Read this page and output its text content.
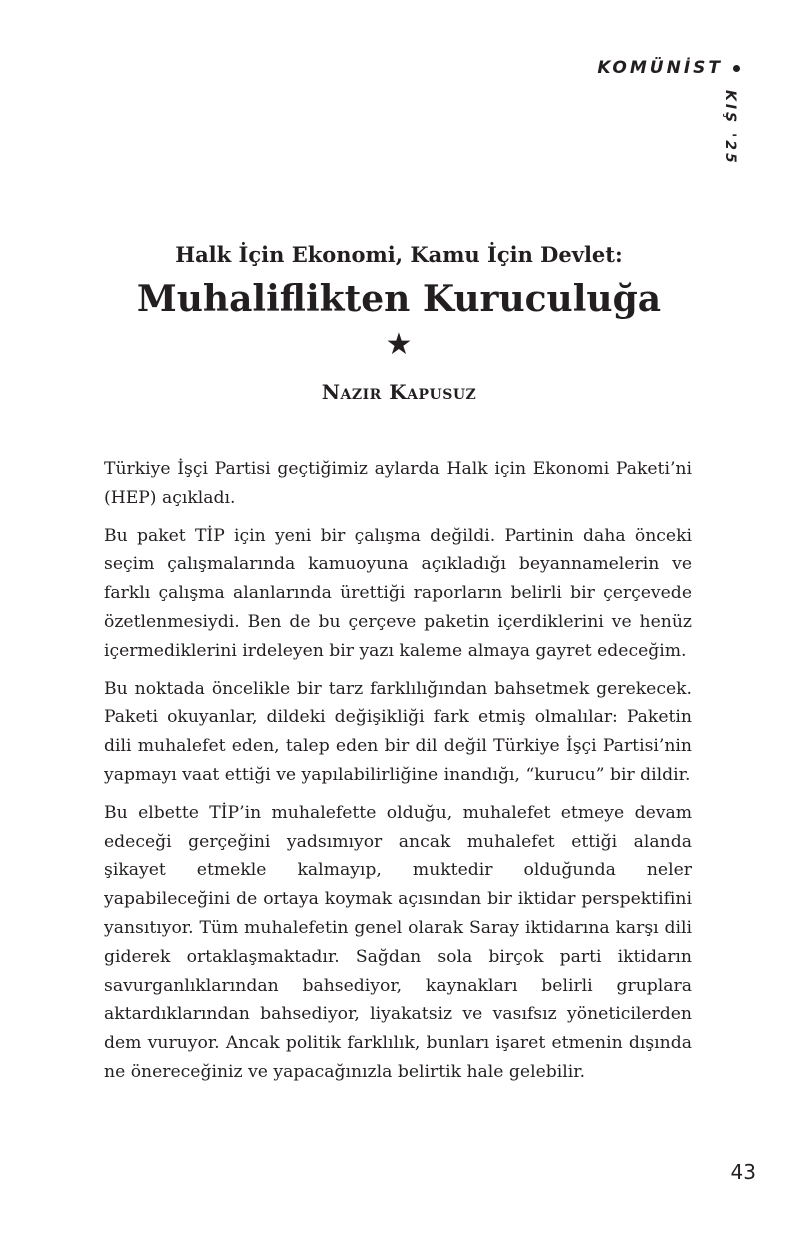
KOMÜNİST
KIŞ '25

Halk İçin Ekonomi, Kamu İçin Devlet:

Muhaliflikten Kuruculuğa
★
Nazır Kapusuz

Türkiye İşçi Partisi geçtiğimiz aylarda Halk için Ekonomi Paketi’ni (HEP) açıkladı.

Bu paket TİP için yeni bir çalışma değildi. Partinin daha önceki seçim çalışmalarında kamuoyuna açıkladığı beyannamelerin ve farklı çalışma alanlarında ürettiği raporların belirli bir çerçevede özetlenmesiydi. Ben de bu çerçeve paketin içerdiklerini ve henüz içermediklerini irdeleyen bir yazı kaleme almaya gayret edeceğim.

Bu noktada öncelikle bir tarz farklılığından bahsetmek gerekecek. Paketi okuyanlar, dildeki değişikliği fark etmiş olmalılar: Paketin dili muhalefet eden, talep eden bir dil değil Türkiye İşçi Partisi’nin yapmayı vaat ettiği ve yapılabilirliğine inandığı, “kurucu” bir dildir.

Bu elbette TİP’in muhalefette olduğu, muhalefet etmeye devam edeceği gerçeğini yadsımıyor ancak muhalefet ettiği alanda şikayet etmekle kalmayıp, muktedir olduğunda neler yapabileceğini de ortaya koymak açısından bir iktidar perspektifini yansıtıyor. Tüm muhalefetin genel olarak Saray iktidarına karşı dili giderek ortaklaşmaktadır. Sağdan sola birçok parti iktidarın savurganlıklarından bahsediyor, kaynakları belirli gruplara aktardıklarından bahsediyor, liyakatsiz ve vasıfsız yöneticilerden dem vuruyor. Ancak politik farklılık, bunları işaret etmenin dışında ne önereceğiniz ve yapacağınızla belirtik hale gelebilir.

43
